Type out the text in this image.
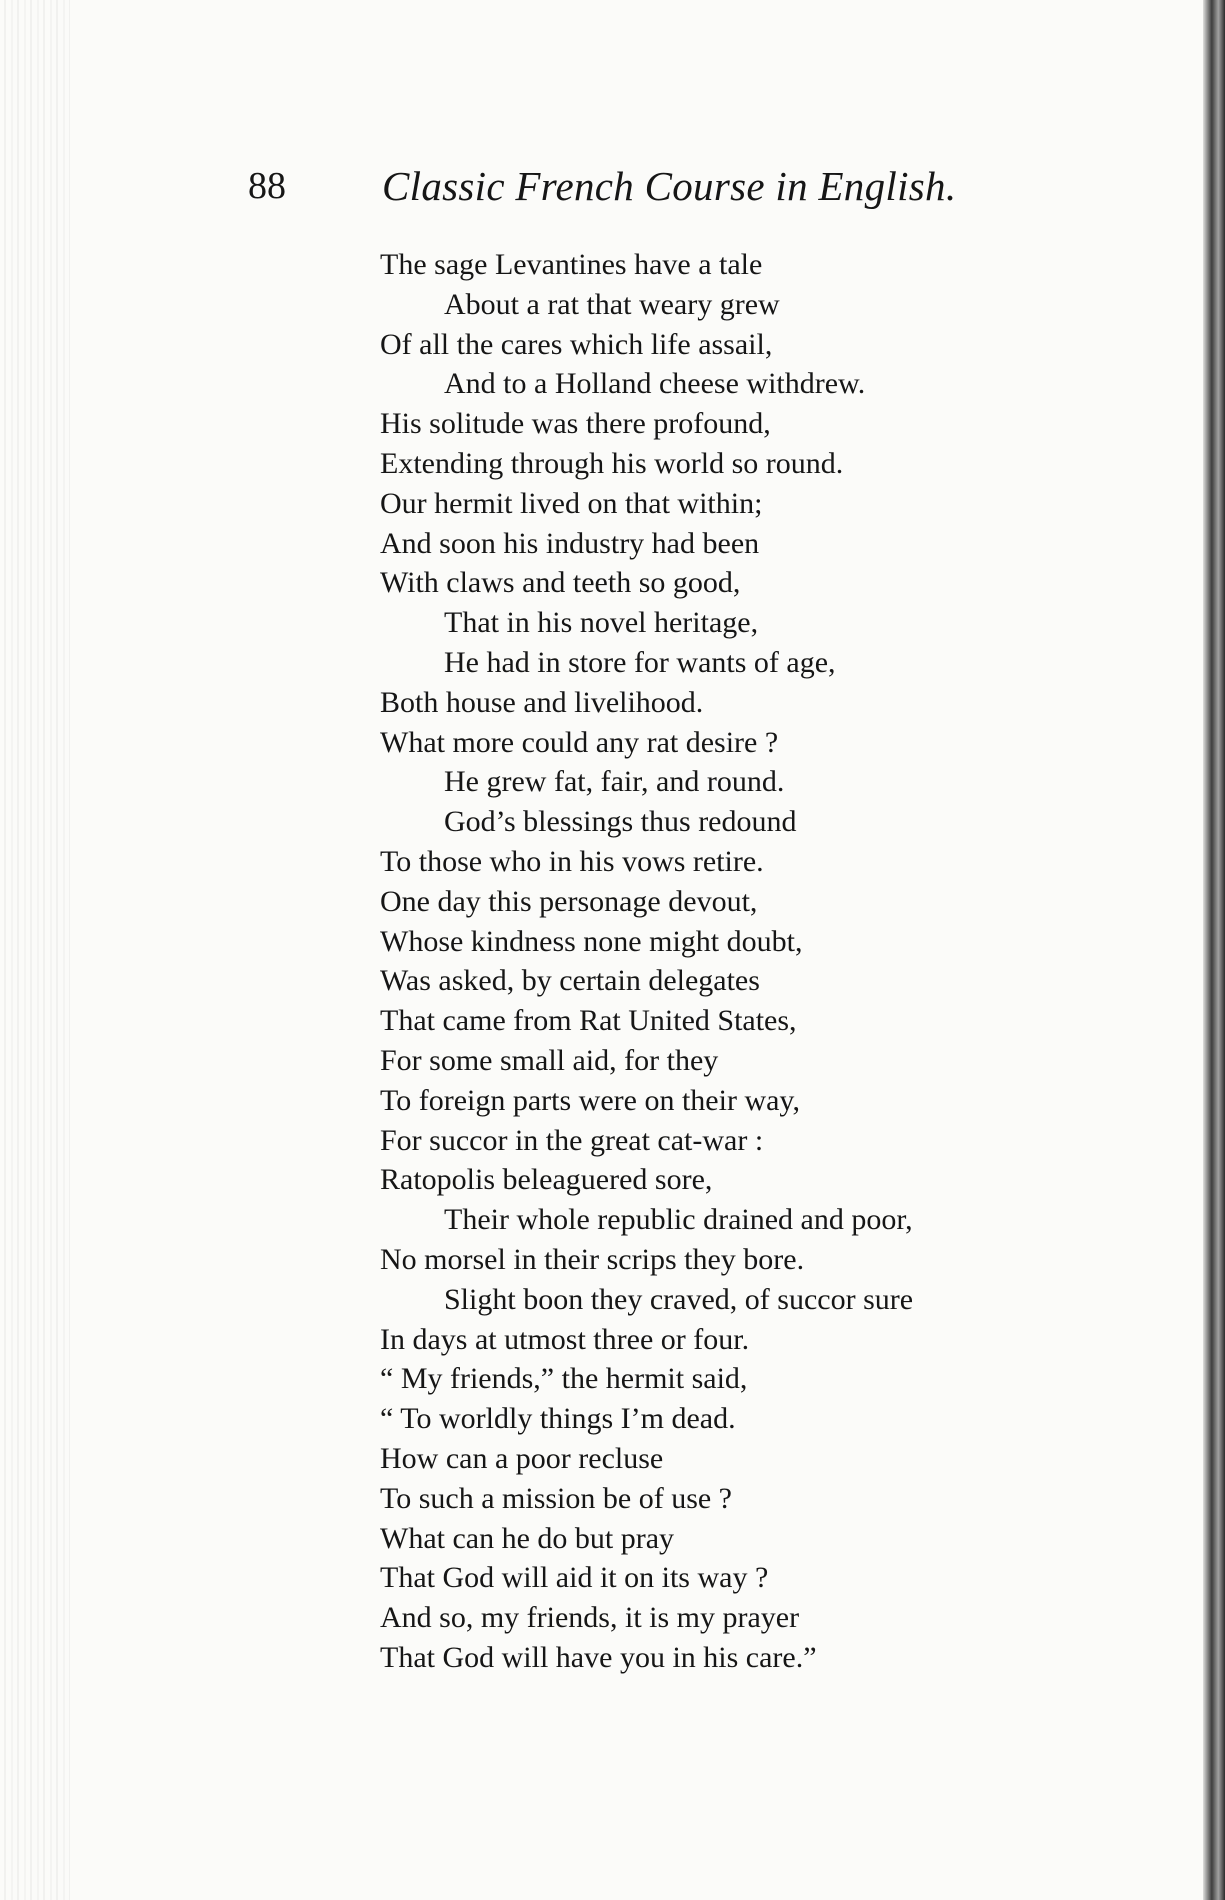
88 Classic French Course in English.
The sage Levantines have a tale
About a rat that weary grew
Of all the cares which life assail,
And to a Holland cheese withdrew.
His solitude was there profound,
Extending through his world so round.
Our hermit lived on that within;
And soon his industry had been
With claws and teeth so good,
That in his novel heritage,
He had in store for wants of age,
Both house and livelihood.
What more could any rat desire ?
He grew fat, fair, and round.
God’s blessings thus redound
To those who in his vows retire.
One day this personage devout,
Whose kindness none might doubt,
Was asked, by certain delegates
That came from Rat United States,
For some small aid, for they
To foreign parts were on their way,
For succor in the great cat-war :
Ratopolis beleaguered sore,
Their whole republic drained and poor,
No morsel in their scrips they bore.
Slight boon they craved, of succor sure
In days at utmost three or four.
“ My friends,” the hermit said,
“ To worldly things I’m dead.
How can a poor recluse
To such a mission be of use ?
What can he do but pray
That God will aid it on its way ?
And so, my friends, it is my prayer
That God will have you in his care.”
